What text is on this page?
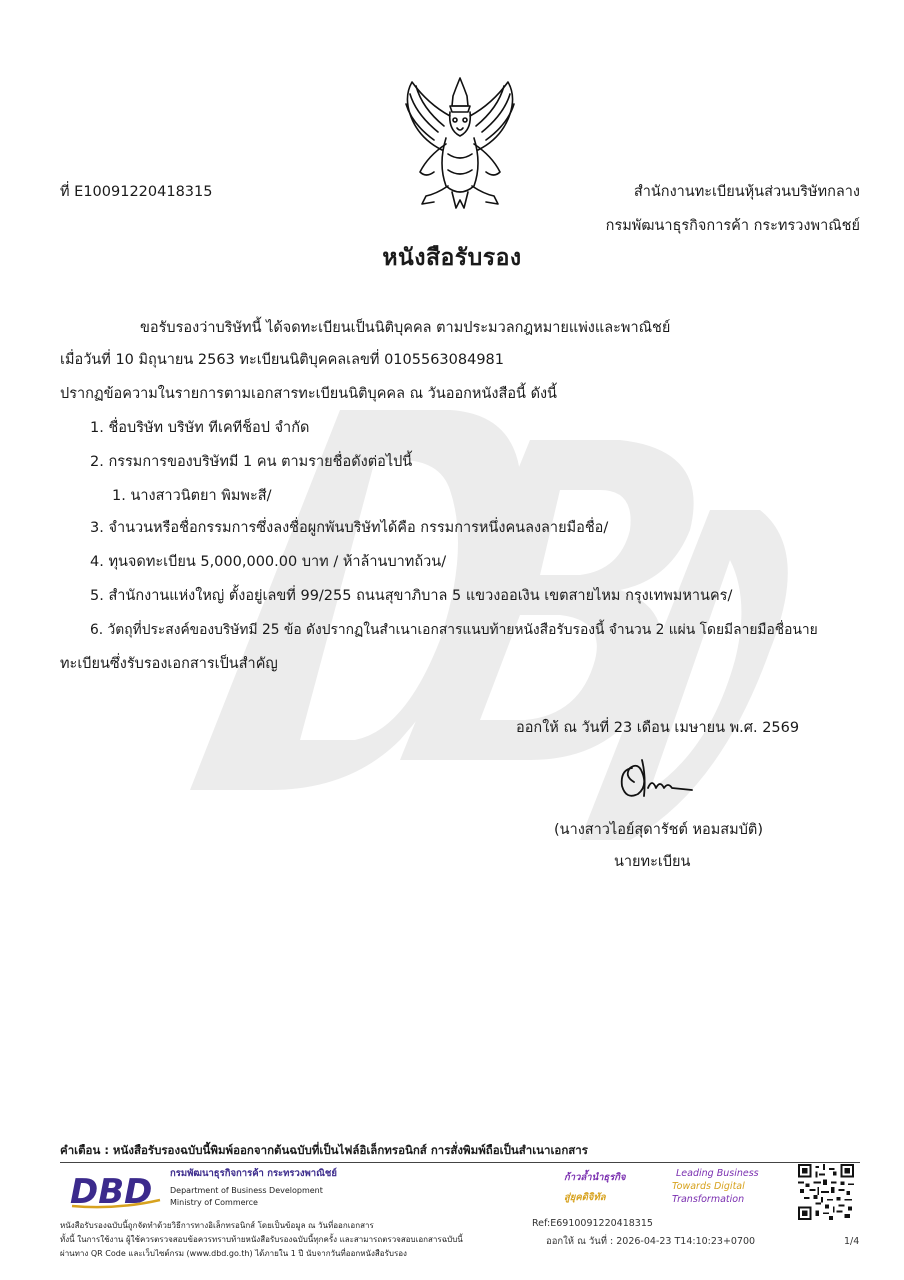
ที่ E10091220418315	สำนักงานทะเบียนหุ้นส่วนบริษัทกลาง
กรมพัฒนาธุรกิจการค้า กระทรวงพาณิชย์
หนังสือรับรอง
ขอรับรองว่าบริษัทนี้ ได้จดทะเบียนเป็นนิติบุคคล ตามประมวลกฎหมายแพ่งและพาณิชย์
เมื่อวันที่ 10 มิถุนายน 2563 ทะเบียนนิติบุคคลเลขที่ 0105563084981
ปรากฏข้อความในรายการตามเอกสารทะเบียนนิติบุคคล ณ วันออกหนังสือนี้ ดังนี้
1. ชื่อบริษัท บริษัท ทีเคทีช็อป จำกัด
2. กรรมการของบริษัทมี 1 คน ตามรายชื่อดังต่อไปนี้
1. นางสาวนิตยา พิมพะสี/
3. จำนวนหรือชื่อกรรมการซึ่งลงชื่อผูกพันบริษัทได้คือ กรรมการหนึ่งคนลงลายมือชื่อ/
4. ทุนจดทะเบียน 5,000,000.00 บาท / ห้าล้านบาทถ้วน/
5. สำนักงานแห่งใหญ่ ตั้งอยู่เลขที่ 99/255 ถนนสุขาภิบาล 5 แขวงออเงิน เขตสายไหม กรุงเทพมหานคร/
6. วัตถุที่ประสงค์ของบริษัทมี 25 ข้อ ดังปรากฏในสำเนาเอกสารแนบท้ายหนังสือรับรองนี้ จำนวน 2 แผ่น โดยมีลายมือชื่อนาย
ทะเบียนซึ่งรับรองเอกสารเป็นสำคัญ
ออกให้ ณ วันที่ 23 เดือน เมษายน พ.ศ. 2569
(นางสาวไอย์สุดารัชต์ หอมสมบัติ)
นายทะเบียน
คำเตือน : หนังสือรับรองฉบับนี้พิมพ์ออกจากต้นฉบับที่เป็นไฟล์อิเล็กทรอนิกส์ การสั่งพิมพ์ถือเป็นสำเนาเอกสาร
DBD กรมพัฒนาธุรกิจการค้า กระทรวงพาณิชย์
Department of Business Development
Ministry of Commerce
ก้าวล้ำนำธุรกิจ
สู่ยุคดิจิทัล
Leading Business
Towards Digital
Transformation
หนังสือรับรองฉบับนี้ถูกจัดทำด้วยวิธีการทางอิเล็กทรอนิกส์ โดยเป็นข้อมูล ณ วันที่ออกเอกสาร
ทั้งนี้ ในการใช้งาน ผู้ใช้ควรตรวจสอบข้อควรทราบท้ายหนังสือรับรองฉบับนี้ทุกครั้ง และสามารถตรวจสอบเอกสารฉบับนี้
ผ่านทาง QR Code และเว็บไซต์กรม (www.dbd.go.th) ได้ภายใน 1 ปี นับจากวันที่ออกหนังสือรับรอง
Ref:E6910091220418315
ออกให้ ณ วันที่ : 2026-04-23 T14:10:23+0700	1/4
